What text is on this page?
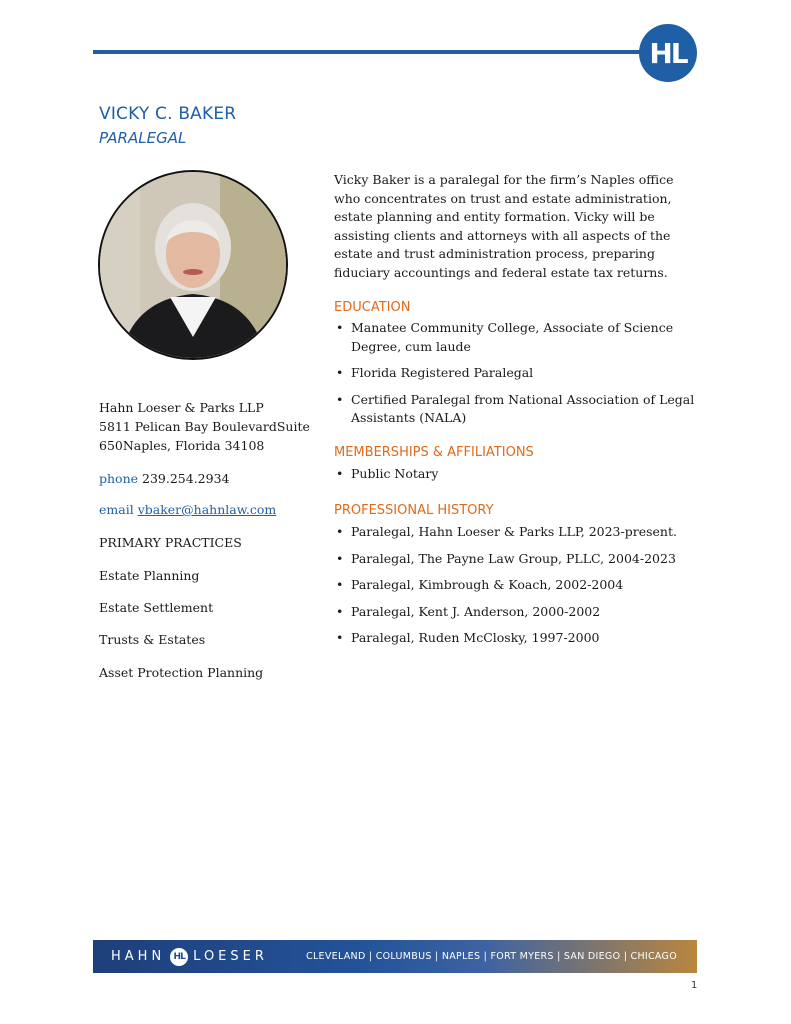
HL
VICKY C. BAKER
PARALEGAL
Hahn Loeser & Parks LLP
5811 Pelican Bay BoulevardSuite
650Naples, Florida 34108
phone 239.254.2934
email vbaker@hahnlaw.com
PRIMARY PRACTICES
Estate Planning
Estate Settlement
Trusts & Estates
Asset Protection Planning
Vicky Baker is a paralegal for the firm’s Naples office who concentrates on trust and estate administration, estate planning and entity formation. Vicky will be assisting clients and attorneys with all aspects of the estate and trust administration process, preparing fiduciary accountings and federal estate tax returns.
EDUCATION
• Manatee Community College, Associate of Science Degree, cum laude
• Florida Registered Paralegal
• Certified Paralegal from National Association of Legal Assistants (NALA)
MEMBERSHIPS & AFFILIATIONS
• Public Notary
PROFESSIONAL HISTORY
• Paralegal, Hahn Loeser & Parks LLP, 2023-present.
• Paralegal, The Payne Law Group, PLLC, 2004-2023
• Paralegal, Kimbrough & Koach, 2002-2004
• Paralegal, Kent J. Anderson, 2000-2002
• Paralegal, Ruden McClosky, 1997-2000
HAHN HL LOESER	CLEVELAND | COLUMBUS | NAPLES | FORT MYERS | SAN DIEGO | CHICAGO
1
